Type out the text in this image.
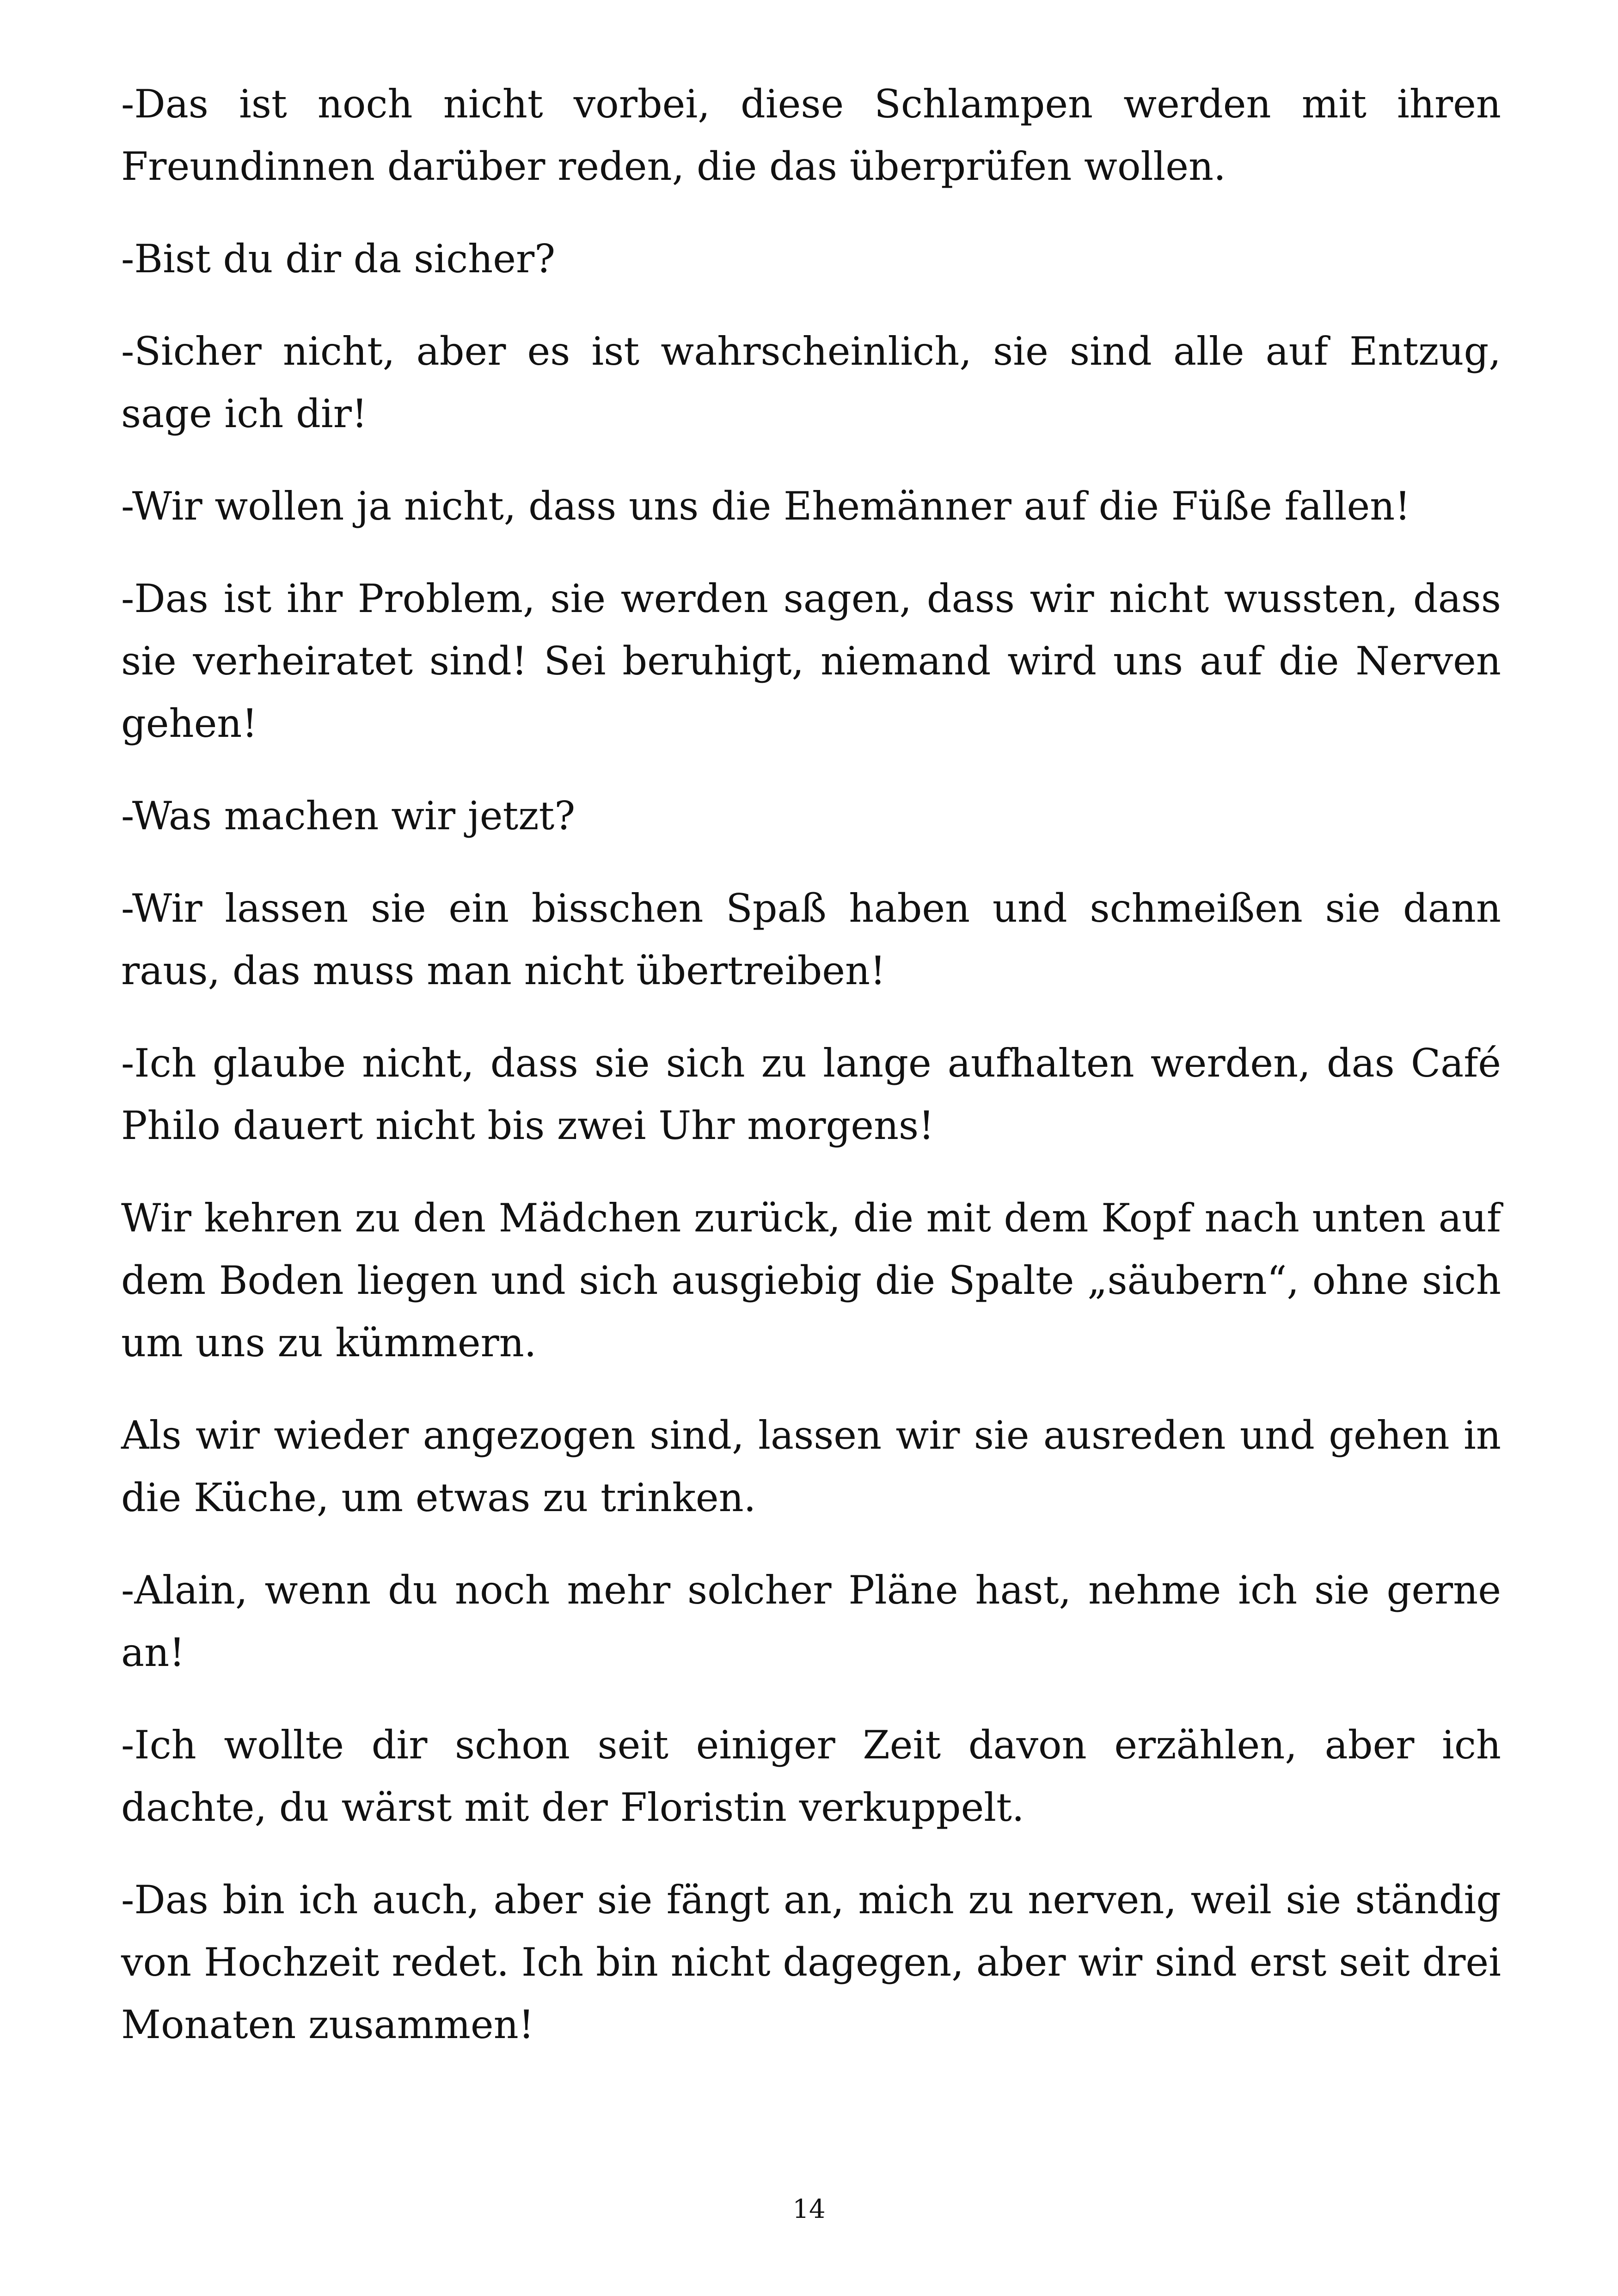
-Das ist noch nicht vorbei, diese Schlampen werden mit ihren Freundinnen darüber reden, die das überprüfen wollen.

-Bist du dir da sicher?

-Sicher nicht, aber es ist wahrscheinlich, sie sind alle auf Entzug, sage ich dir!

-Wir wollen ja nicht, dass uns die Ehemänner auf die Füße fallen!

-Das ist ihr Problem, sie werden sagen, dass wir nicht wussten, dass sie verheiratet sind! Sei beruhigt, niemand wird uns auf die Nerven gehen!

-Was machen wir jetzt?

-Wir lassen sie ein bisschen Spaß haben und schmeißen sie dann raus, das muss man nicht übertreiben!

-Ich glaube nicht, dass sie sich zu lange aufhalten werden, das Café Philo dauert nicht bis zwei Uhr morgens!

Wir kehren zu den Mädchen zurück, die mit dem Kopf nach unten auf dem Boden liegen und sich ausgiebig die Spalte „säubern“, ohne sich um uns zu kümmern.

Als wir wieder angezogen sind, lassen wir sie ausreden und gehen in die Küche, um etwas zu trinken.

-Alain, wenn du noch mehr solcher Pläne hast, nehme ich sie gerne an!

-Ich wollte dir schon seit einiger Zeit davon erzählen, aber ich dachte, du wärst mit der Floristin verkuppelt.

-Das bin ich auch, aber sie fängt an, mich zu nerven, weil sie ständig von Hochzeit redet. Ich bin nicht dagegen, aber wir sind erst seit drei Monaten zusammen!

14
